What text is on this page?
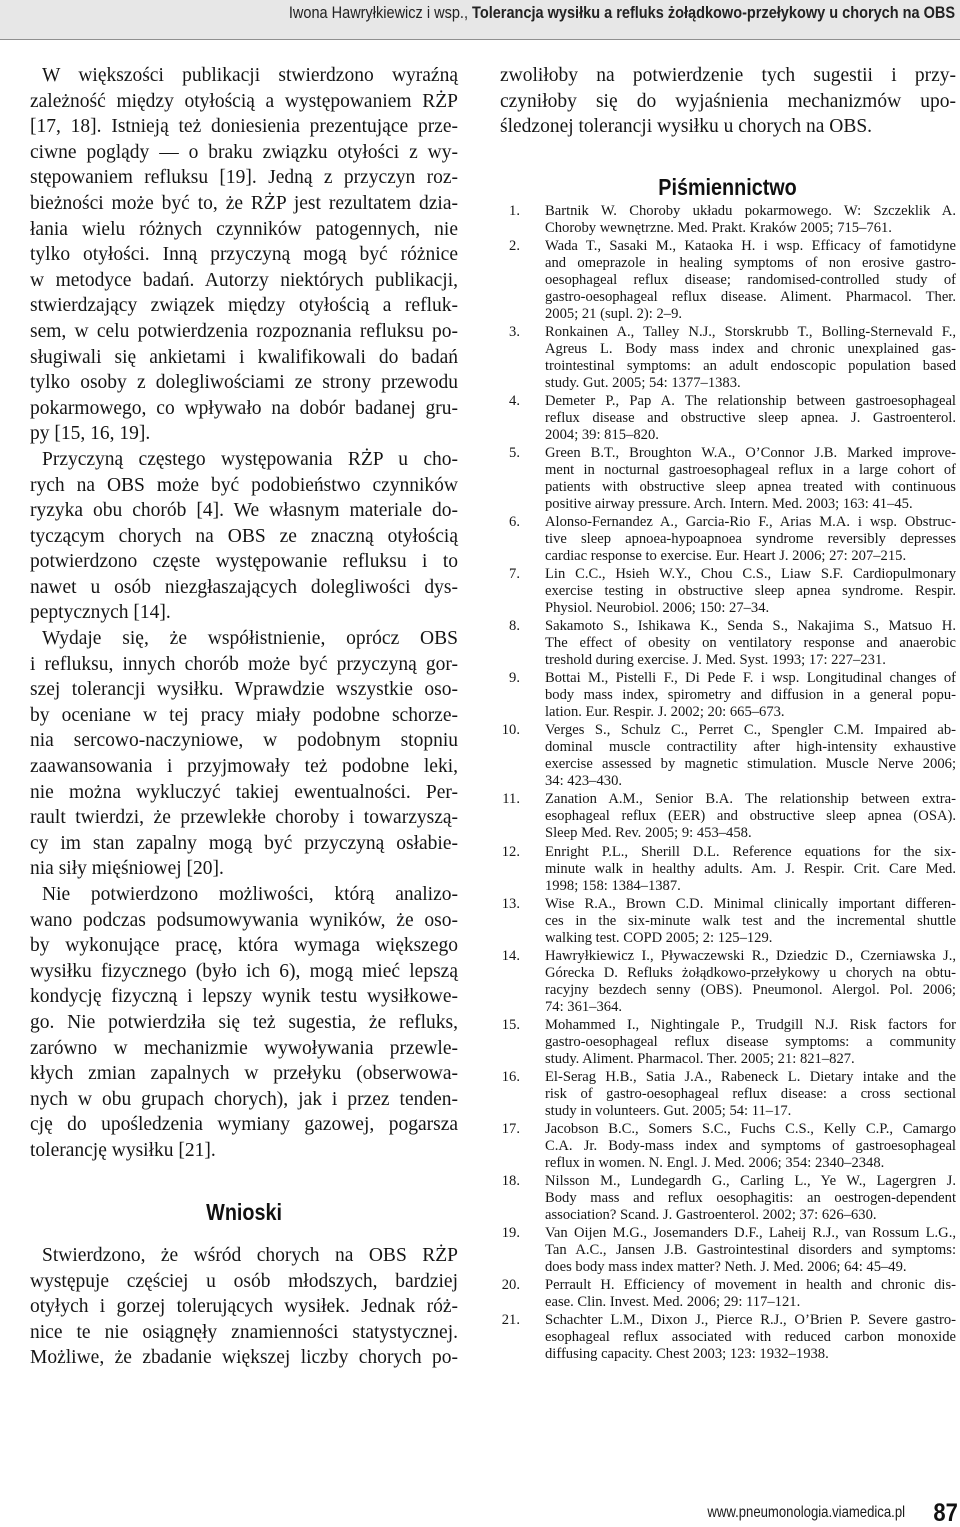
Iwona Hawryłkiewicz i wsp., Tolerancja wysiłku a refluks żołądkowo-przełykowy u chorych na OBS
W większości publikacji stwierdzono wyraźną
zależność między otyłością a występowaniem RŻP
[17, 18]. Istnieją też doniesienia prezentujące prze-
ciwne poglądy — o braku związku otyłości z wy-
stępowaniem refluksu [19]. Jedną z przyczyn roz-
bieżności może być to, że RŻP jest rezultatem dzia-
łania wielu różnych czynników patogennych, nie
tylko otyłości. Inną przyczyną mogą być różnice
w metodyce badań. Autorzy niektórych publikacji,
stwierdzający związek między otyłością a refluk-
sem, w celu potwierdzenia rozpoznania refluksu po-
sługiwali się ankietami i kwalifikowali do badań
tylko osoby z dolegliwościami ze strony przewodu
pokarmowego, co wpływało na dobór badanej gru-
py [15, 16, 19].
Przyczyną częstego występowania RŻP u cho-
rych na OBS może być podobieństwo czynników
ryzyka obu chorób [4]. We własnym materiale do-
tyczącym chorych na OBS ze znaczną otyłością
potwierdzono częste występowanie refluksu i to
nawet u osób niezgłaszających dolegliwości dys-
peptycznych [14].
Wydaje się, że współistnienie, oprócz OBS
i refluksu, innych chorób może być przyczyną gor-
szej tolerancji wysiłku. Wprawdzie wszystkie oso-
by oceniane w tej pracy miały podobne schorze-
nia sercowo-naczyniowe, w podobnym stopniu
zaawansowania i przyjmowały też podobne leki,
nie można wykluczyć takiej ewentualności. Per-
rault twierdzi, że przewlekłe choroby i towarzyszą-
cy im stan zapalny mogą być przyczyną osłabie-
nia siły mięśniowej [20].
Nie potwierdzono możliwości, którą analizo-
wano podczas podsumowywania wyników, że oso-
by wykonujące pracę, która wymaga większego
wysiłku fizycznego (było ich 6), mogą mieć lepszą
kondycję fizyczną i lepszy wynik testu wysiłkowe-
go. Nie potwierdziła się też sugestia, że refluks,
zarówno w mechanizmie wywoływania przewle-
kłych zmian zapalnych w przełyku (obserwowa-
nych w obu grupach chorych), jak i przez tenden-
cję do upośledzenia wymiany gazowej, pogarsza
tolerancję wysiłku [21].
Wnioski
Stwierdzono, że wśród chorych na OBS RŻP
występuje częściej u osób młodszych, bardziej
otyłych i gorzej tolerujących wysiłek. Jednak róż-
nice te nie osiągnęły znamienności statystycznej.
Możliwe, że zbadanie większej liczby chorych po-
zwoliłoby na potwierdzenie tych sugestii i przy-
czyniłoby się do wyjaśnienia mechanizmów upo-
śledzonej tolerancji wysiłku u chorych na OBS.
Piśmiennictwo
1. Bartnik W. Choroby układu pokarmowego. W: Szczeklik A.
Choroby wewnętrzne. Med. Prakt. Kraków 2005; 715–761.
2. Wada T., Sasaki M., Kataoka H. i wsp. Efficacy of famotidyne
and omeprazole in healing symptoms of non erosive gastro-
oesophageal reflux disease; randomised-controlled study of
gastro-oesophageal reflux disease. Aliment. Pharmacol. Ther.
2005; 21 (supl. 2): 2–9.
3. Ronkainen A., Talley N.J., Storskrubb T., Bolling-Sternevald F.,
Agreus L. Body mass index and chronic unexplained gas-
trointestinal symptoms: an adult endoscopic population based
study. Gut. 2005; 54: 1377–1383.
4. Demeter P., Pap A. The relationship between gastroesophageal
reflux disease and obstructive sleep apnea. J. Gastroenterol.
2004; 39: 815–820.
5. Green B.T., Broughton W.A., O’Connor J.B. Marked improve-
ment in nocturnal gastroesophageal reflux in a large cohort of
patients with obstructive sleep apnea treated with continuous
positive airway pressure. Arch. Intern. Med. 2003; 163: 41–45.
6. Alonso-Fernandez A., Garcia-Rio F., Arias M.A. i wsp. Obstruc-
tive sleep apnoea-hypoapnoea syndrome reversibly depresses
cardiac response to exercise. Eur. Heart J. 2006; 27: 207–215.
7. Lin C.C., Hsieh W.Y., Chou C.S., Liaw S.F. Cardiopulmonary
exercise testing in obstructive sleep apnea syndrome. Respir.
Physiol. Neurobiol. 2006; 150: 27–34.
8. Sakamoto S., Ishikawa K., Senda S., Nakajima S., Matsuo H.
The effect of obesity on ventilatory response and anaerobic
treshold during exercise. J. Med. Syst. 1993; 17: 227–231.
9. Bottai M., Pistelli F., Di Pede F. i wsp. Longitudinal changes of
body mass index, spirometry and diffusion in a general popu-
lation. Eur. Respir. J. 2002; 20: 665–673.
10. Verges S., Schulz C., Perret C., Spengler C.M. Impaired ab-
dominal muscle contractility after high-intensity exhaustive
exercise assessed by magnetic stimulation. Muscle Nerve 2006;
34: 423–430.
11. Zanation A.M., Senior B.A. The relationship between extra-
esophageal reflux (EER) and obstructive sleep apnea (OSA).
Sleep Med. Rev. 2005; 9: 453–458.
12. Enright P.L., Sherill D.L. Reference equations for the six-
minute walk in healthy adults. Am. J. Respir. Crit. Care Med.
1998; 158: 1384–1387.
13. Wise R.A., Brown C.D. Minimal clinically important differen-
ces in the six-minute walk test and the incremental shuttle
walking test. COPD 2005; 2: 125–129.
14. Hawryłkiewicz I., Pływaczewski R., Dziedzic D., Czerniawska J.,
Górecka D. Refluks żołądkowo-przełykowy u chorych na obtu-
racyjny bezdech senny (OBS). Pneumonol. Alergol. Pol. 2006;
74: 361–364.
15. Mohammed I., Nightingale P., Trudgill N.J. Risk factors for
gastro-oesophageal reflux disease symptoms: a community
study. Aliment. Pharmacol. Ther. 2005; 21: 821–827.
16. El-Serag H.B., Satia J.A., Rabeneck L. Dietary intake and the
risk of gastro-oesophageal reflux disease: a cross sectional
study in volunteers. Gut. 2005; 54: 11–17.
17. Jacobson B.C., Somers S.C., Fuchs C.S., Kelly C.P., Camargo
C.A. Jr. Body-mass index and symptoms of gastroesophageal
reflux in women. N. Engl. J. Med. 2006; 354: 2340–2348.
18. Nilsson M., Lundegardh G., Carling L., Ye W., Lagergren J.
Body mass and reflux oesophagitis: an oestrogen-dependent
association? Scand. J. Gastroenterol. 2002; 37: 626–630.
19. Van Oijen M.G., Josemanders D.F., Laheij R.J., van Rossum L.G.,
Tan A.C., Jansen J.B. Gastrointestinal disorders and symptoms:
does body mass index matter? Neth. J. Med. 2006; 64: 45–49.
20. Perrault H. Efficiency of movement in health and chronic dis-
ease. Clin. Invest. Med. 2006; 29: 117–121.
21. Schachter L.M., Dixon J., Pierce R.J., O’Brien P. Severe gastro-
esophageal reflux associated with reduced carbon monoxide
diffusing capacity. Chest 2003; 123: 1932–1938.
www.pneumonologia.viamedica.pl 87
